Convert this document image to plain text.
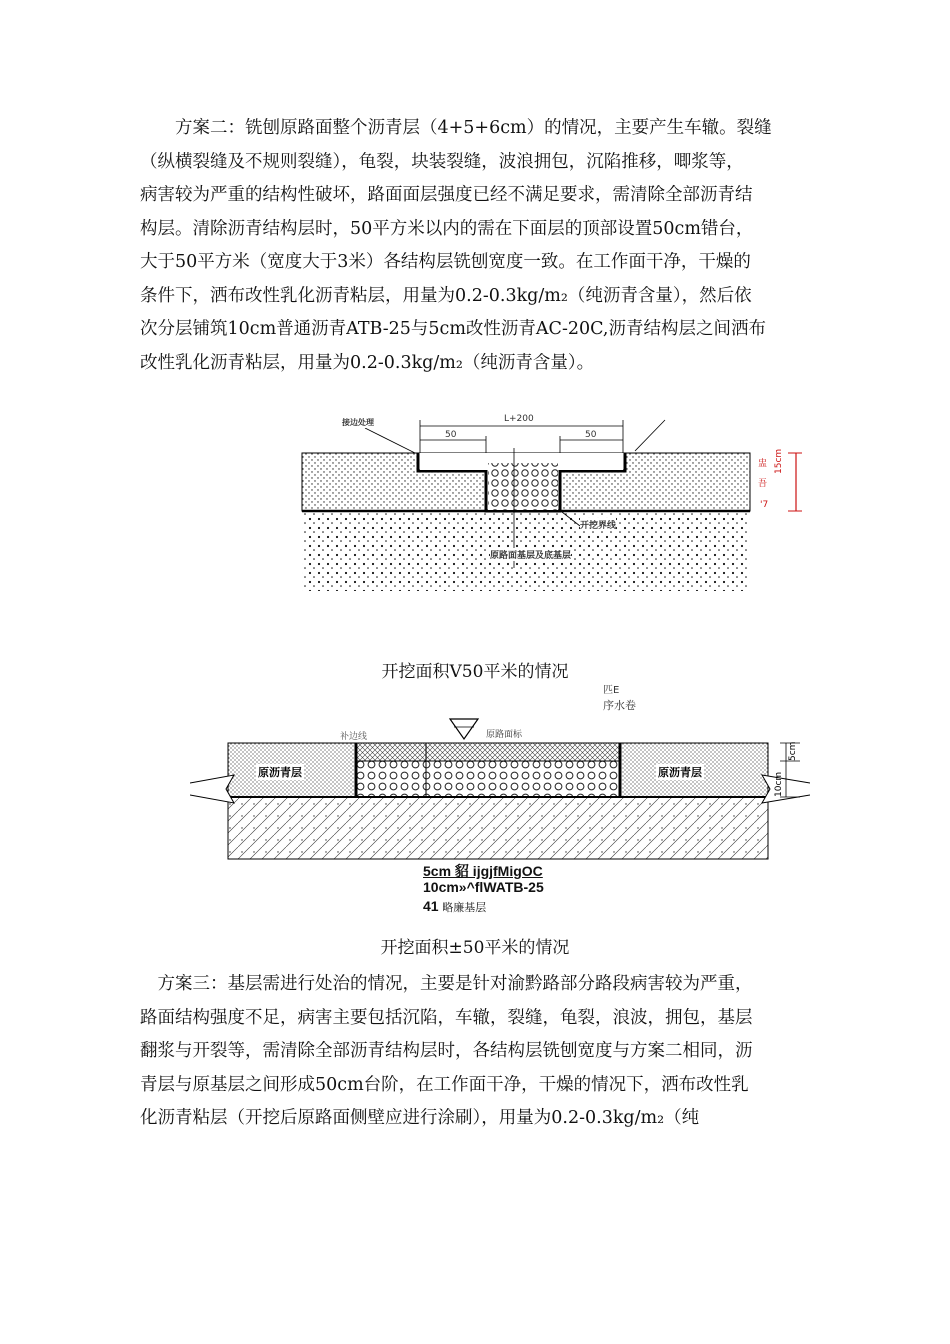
　　方案二：铣刨原路面整个沥青层（4+5+6cm）的情况，主要产生车辙。裂缝
（纵横裂缝及不规则裂缝），龟裂，块装裂缝，波浪拥包，沉陷推移，唧浆等，
病害较为严重的结构性破坏，路面面层强度已经不满足要求，需清除全部沥青结
构层。清除沥青结构层时，50平方米以内的需在下面层的顶部设置50cm错台，
大于50平方米（宽度大于3米）各结构层铣刨宽度一致。在工作面干净，干燥的
条件下，洒布改性乳化沥青粘层，用量为0.2-0.3kg/m₂（纯沥青含量），然后依
次分层铺筑10cm普通沥青ATB-25与5cm改性沥青AC-20C,沥青结构层之间洒布
改性乳化沥青粘层，用量为0.2-0.3kg/m₂（纯沥青含量）。
接边处理	L+200
50	50
开挖界线
原路面基层及底基层
盅
吾
'7
15cm
开挖面积V50平米的情况
匹E
序水卷
补边线	原路面标
原沥青层	原沥青层
5cm
10cm
5cm 貂 ijgjfMigOC
10cm»^flWATB-25
41 略廉基层
开挖面积±50平米的情况
　方案三：基层需进行处治的情况，主要是针对渝黔路部分路段病害较为严重，
路面结构强度不足，病害主要包括沉陷，车辙，裂缝，龟裂，浪波，拥包，基层
翻浆与开裂等，需清除全部沥青结构层时，各结构层铣刨宽度与方案二相同，沥
青层与原基层之间形成50cm台阶，在工作面干净，干燥的情况下，洒布改性乳
化沥青粘层（开挖后原路面侧壁应进行涂刷），用量为0.2-0.3kg/m₂（纯
